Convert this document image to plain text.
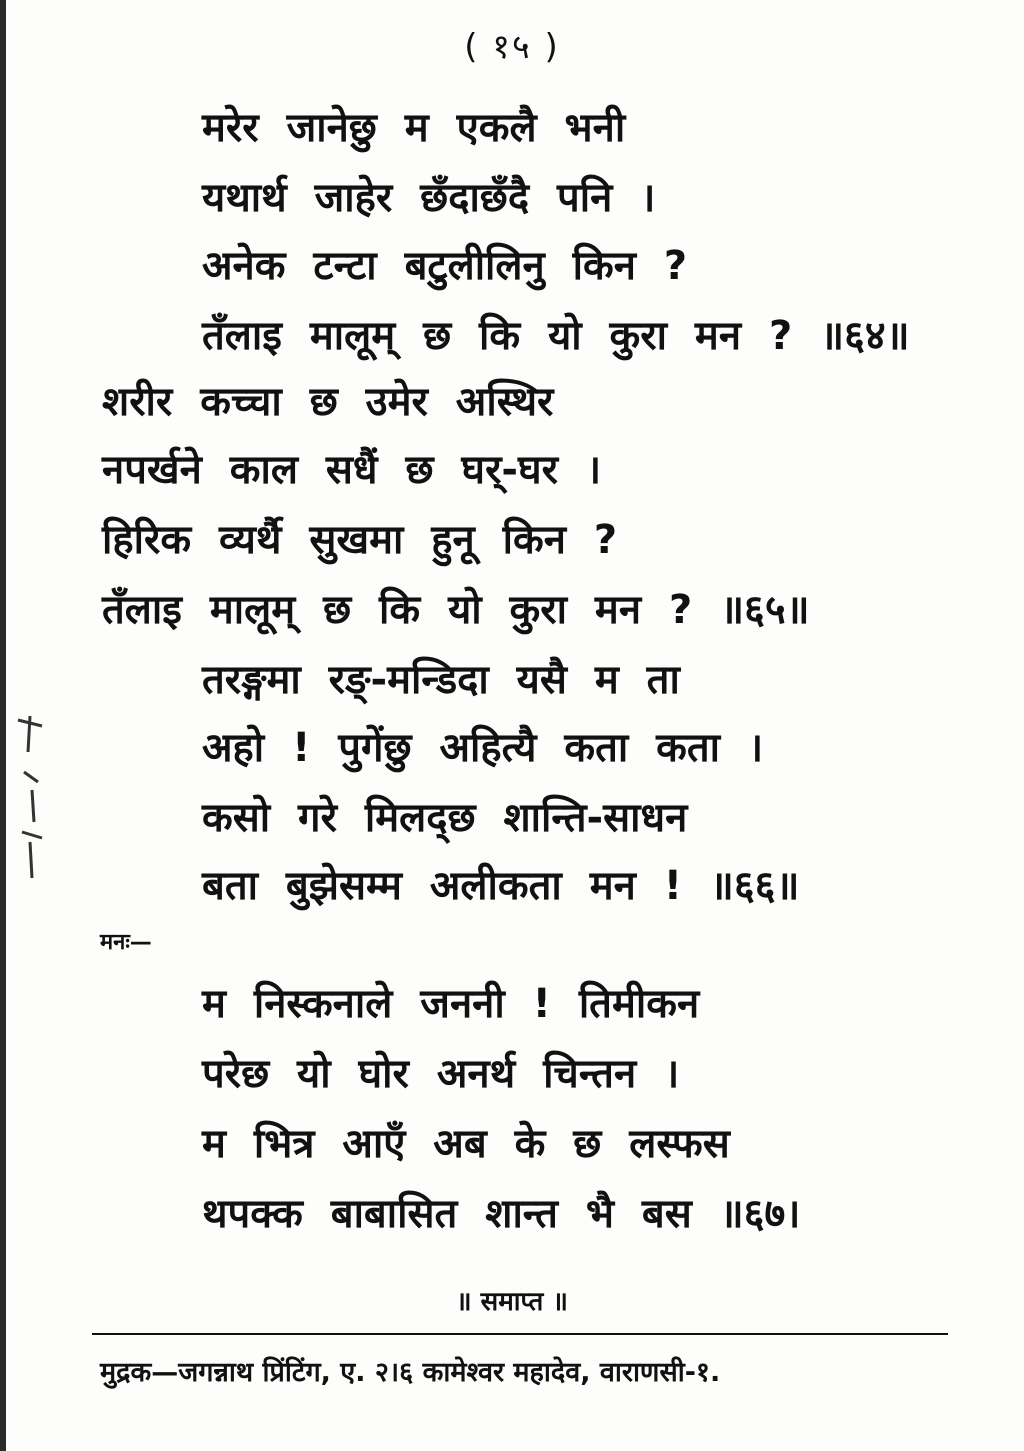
( १५ )
मरेर जानेछु म एकलै भनी
यथार्थ जाहेर छँदाछँदै पनि ।
अनेक टन्टा बटुलीलिनु किन ?
तँलाइ मालूम् छ कि यो कुरा मन ? ॥६४॥
शरीर कच्चा छ उमेर अस्थिर
नपर्खने काल सधैं छ घर्-घर ।
हिरिक व्यर्थै सुखमा हुनू किन ?
तँलाइ मालूम् छ कि यो कुरा मन ? ॥६५॥
तरङ्गमा रङ्-मन्डिदा यसै म ता
अहो ! पुगेंछु अहित्यै कता कता ।
कसो गरे मिलद्छ शान्ति-साधन
बता बुझेसम्म अलीकता मन ! ॥६६॥
मनः—
म निस्कनाले जननी ! तिमीकन
परेछ यो घोर अनर्थ चिन्तन ।
म भित्र आएँ अब के छ लस्फस
थपक्क बाबासित शान्त भै बस ॥६७।
॥ समाप्त ॥
मुद्रक—जगन्नाथ प्रिंटिंग, ए. २।६ कामेश्वर महादेव, वाराणसी-१.
